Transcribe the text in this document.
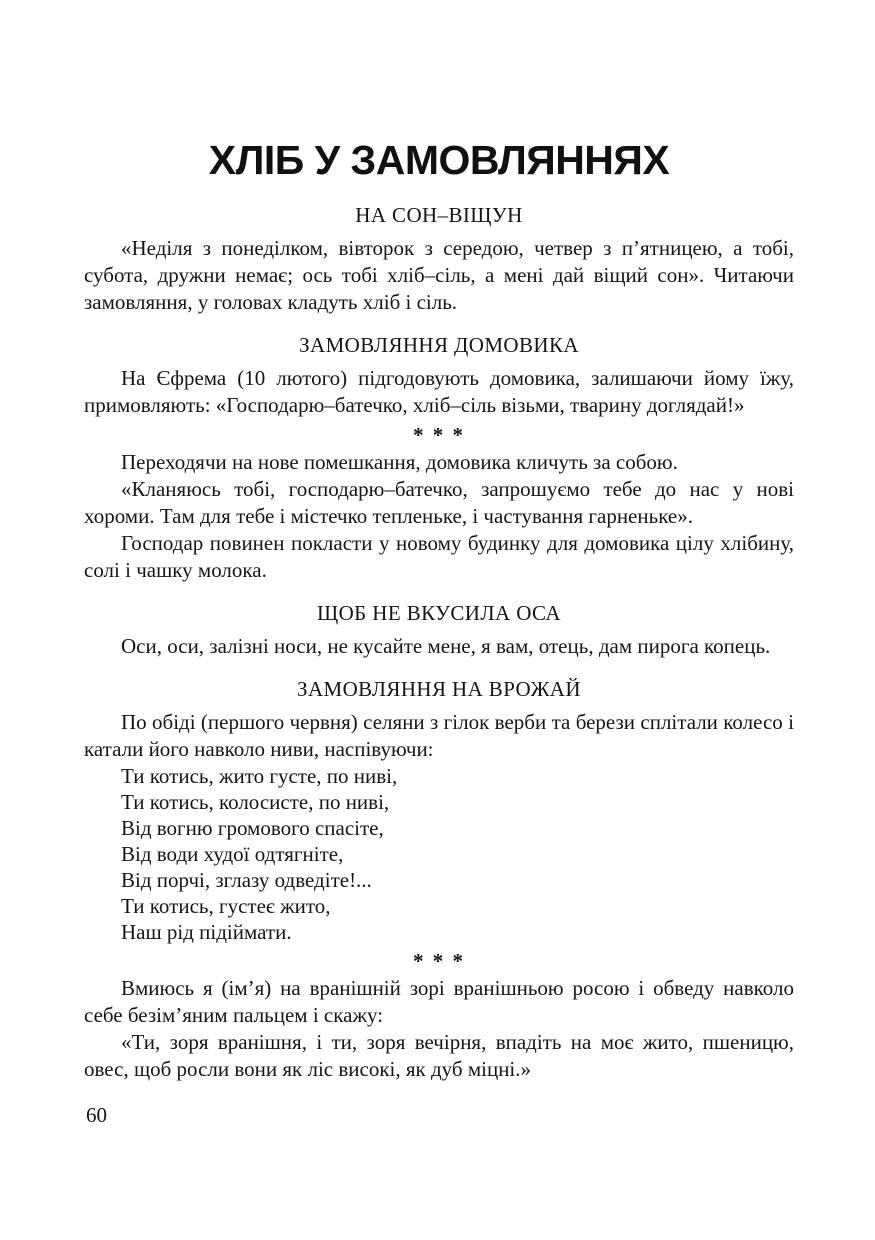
ХЛІБ У ЗАМОВЛЯННЯХ
НА СОН–ВІЩУН

«Неділя з понеділком, вівторок з середою, четвер з п’ятницею, а тобі, субота, дружни немає; ось тобі хліб–сіль, а мені дай віщий сон». Читаючи замовляння, у головах кладуть хліб і сіль.

ЗАМОВЛЯННЯ ДОМОВИКА

На Єфрема (10 лютого) підгодовують домовика, залишаючи йому їжу, примовляють: «Господарю–батечко, хліб–сіль візьми, тварину доглядай!»

* * *

Переходячи на нове помешкання, домовика кличуть за собою.

«Кланяюсь тобі, господарю–батечко, запрошуємо тебе до нас у нові хороми. Там для тебе і містечко тепленьке, і частування гарненьке».

Господар повинен покласти у новому будинку для домовика цілу хлібину, солі і чашку молока.

ЩОБ НЕ ВКУСИЛА ОСА

Оси, оси, залізні носи, не кусайте мене, я вам, отець, дам пирога копець.

ЗАМОВЛЯННЯ НА ВРОЖАЙ

По обіді (першого червня) селяни з гілок верби та берези сплітали колесо і катали його навколо ниви, наспівуючи:

Ти котись, жито густе, по ниві,

Ти котись, колосисте, по ниві,

Від вогню громового спасіте,

Від води худої одтягніте,

Від порчі, зглазу одведіте!...

Ти котись, густеє жито,

Наш рід підіймати.

* * *

Вмиюсь я (ім’я) на вранішній зорі вранішньою росою і обведу навколо себе безім’яним пальцем і скажу:

«Ти, зоря вранішня, і ти, зоря вечірня, впадіть на моє жито, пшеницю, овес, щоб росли вони як ліс високі, як дуб міцні.»

60
